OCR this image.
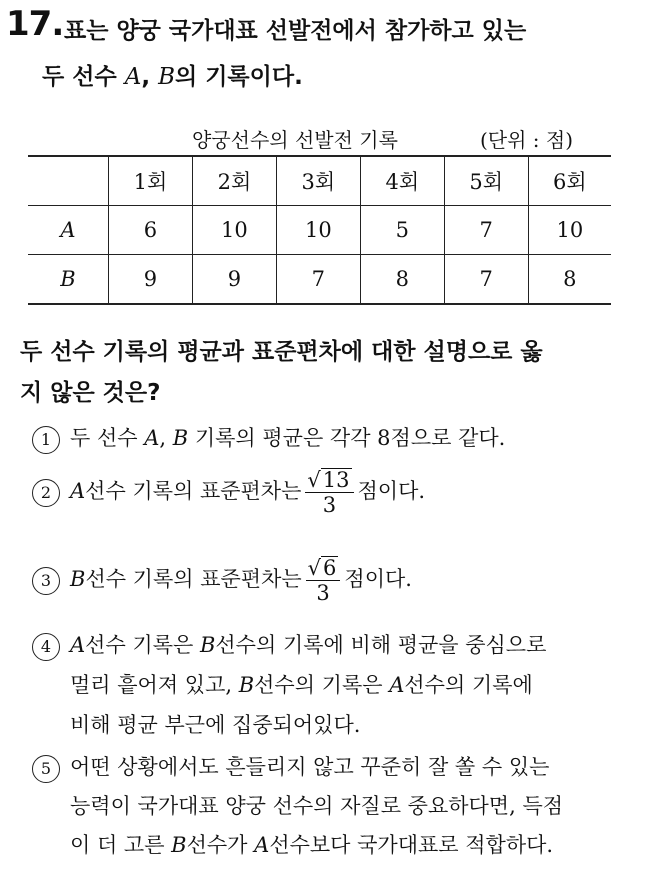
17. 표는 양궁 국가대표 선발전에서 참가하고 있는
두 선수 A, B의 기록이다.
양궁선수의 선발전 기록	(단위 : 점)
	1회	2회	3회	4회	5회	6회
A	6	10	10	5	7	10
B	9	9	7	8	7	8
두 선수 기록의 평균과 표준편차에 대한 설명으로 옳
지 않은 것은?
1 두 선수 A, B 기록의 평균은 각각 8점으로 같다.
2 A선수 기록의 표준편차는 $\frac{√13}{3}$ 점이다.
3 B선수 기록의 표준편차는 $\frac{√6}{3}$ 점이다.
4 A선수 기록은 B선수의 기록에 비해 평균을 중심으로
멀리 흩어져 있고, B선수의 기록은 A선수의 기록에
비해 평균 부근에 집중되어있다.
5 어떤 상황에서도 흔들리지 않고 꾸준히 잘 쏠 수 있는
능력이 국가대표 양궁 선수의 자질로 중요하다면, 득점
이 더 고른 B선수가 A선수보다 국가대표로 적합하다.
